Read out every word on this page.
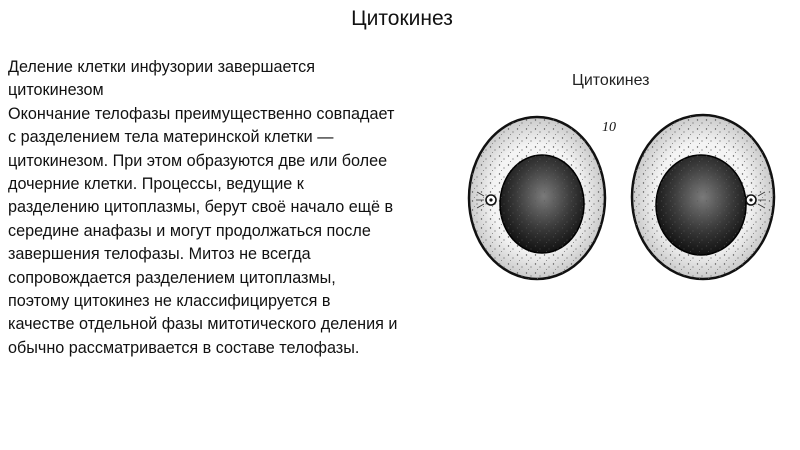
Цитокинез

Деление клетки инфузории завершается цитокинезом

Окончание телофазы преимущественно совпадает с разделением тела материнской клетки — цитокинезом. При этом образуются две или более дочерние клетки. Процессы, ведущие к разделению цитоплазмы, берут своё начало ещё в середине анафазы и могут продолжаться после завершения телофазы. Митоз не всегда сопровождается разделением цитоплазмы, поэтому цитокинез не классифицируется в качестве отдельной фазы митотического деления и обычно рассматривается в составе телофазы.

Цитокинез
10
